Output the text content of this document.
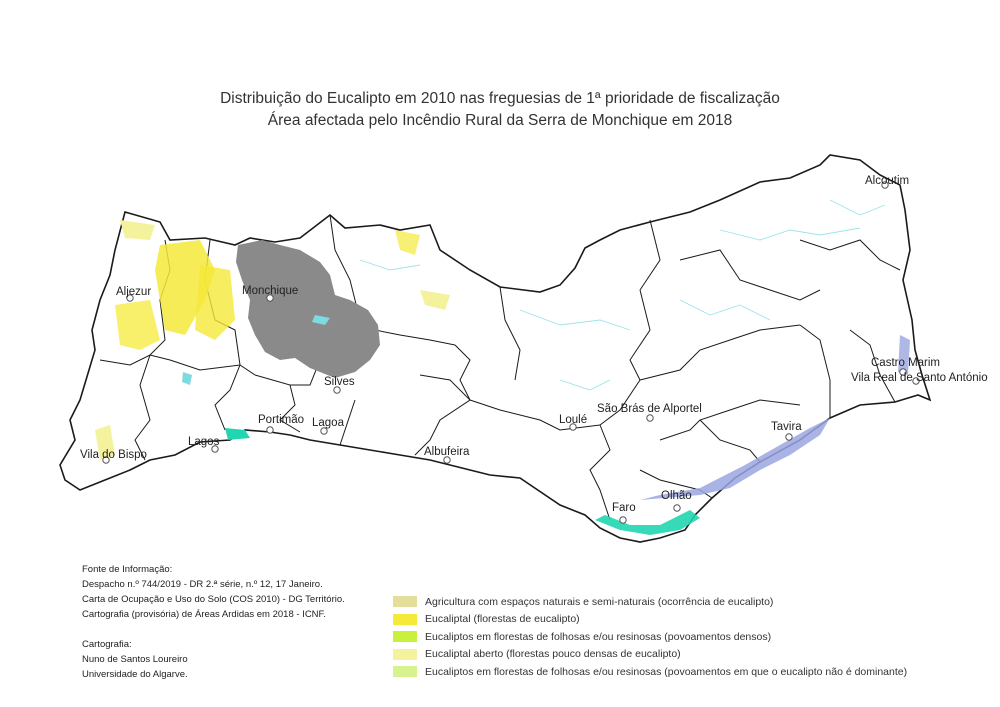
Distribuição do Eucalipto em 2010 nas freguesias de 1ª prioridade de fiscalização
Área afectada pelo Incêndio Rural da Serra de Monchique em 2018
Aljezur	Monchique
Silves
Portimão Lagoa
Lagos
Vila do Bispo	Albufeira
Loulé
São Brás de Alportel
Faro
Olhão
Tavira
Castro Marim
Vila Real de Santo António
Alcoutim
Fonte de Informação:
Despacho n.º 744/2019 - DR 2.ª série, n.º 12, 17 Janeiro.
Carta de Ocupação e Uso do Solo (COS 2010) - DG Território.
Cartografia (provisória) de Áreas Ardidas em 2018 - ICNF.
Cartografia:
Nuno de Santos Loureiro
Universidade do Algarve.
Agricultura com espaços naturais e semi-naturais (ocorrência de eucalipto)
Eucaliptal (florestas de eucalipto)
Eucaliptos em florestas de folhosas e/ou resinosas (povoamentos densos)
Eucaliptal aberto (florestas pouco densas de eucalipto)
Eucaliptos em florestas de folhosas e/ou resinosas (povoamentos em que o eucalipto não é dominante)
